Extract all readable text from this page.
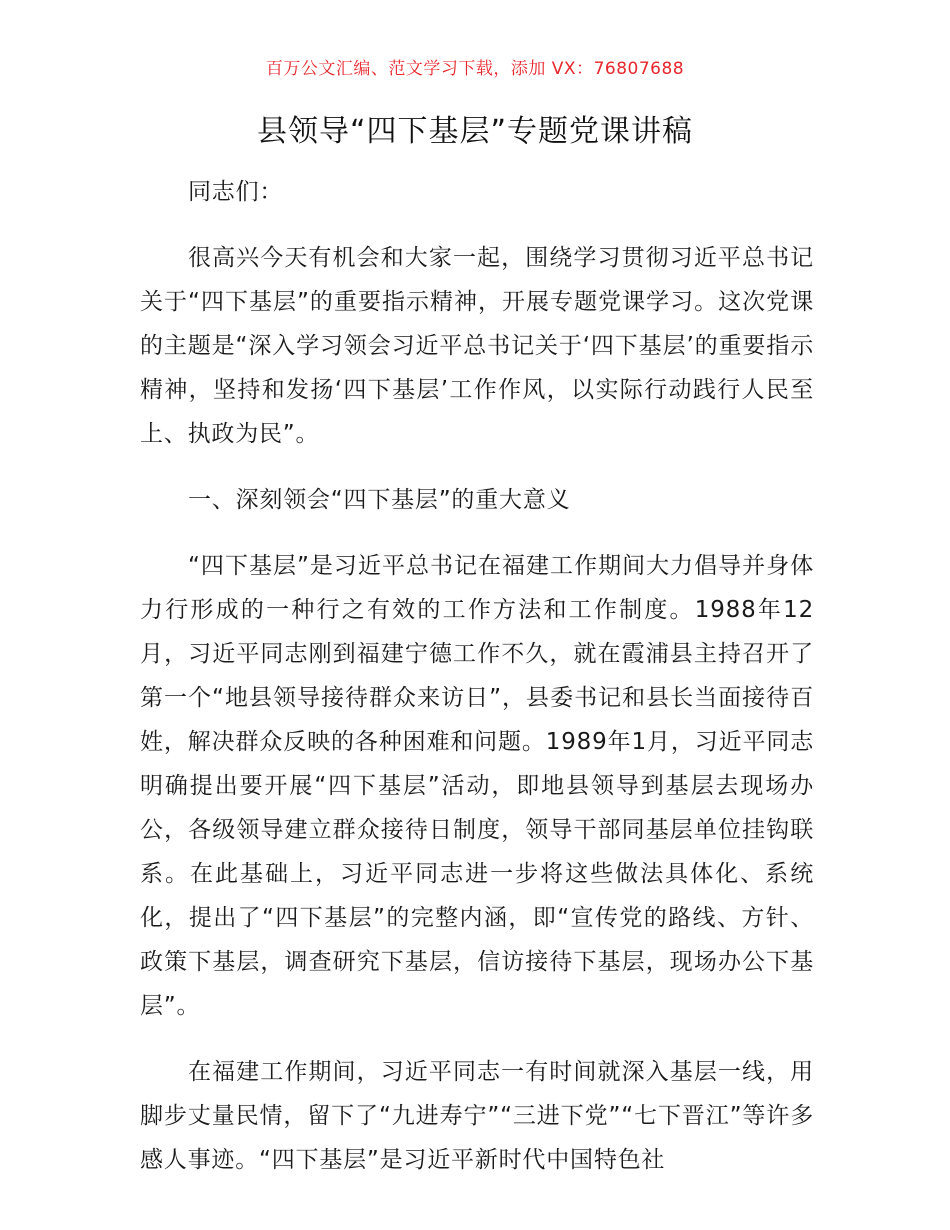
百万公文汇编、范文学习下载，添加 VX：76807688
县领导“四下基层”专题党课讲稿

同志们：

很高兴今天有机会和大家一起，围绕学习贯彻习近平总书记关于“四下基层”的重要指示精神，开展专题党课学习。这次党课的主题是“深入学习领会习近平总书记关于‘四下基层’的重要指示精神，坚持和发扬‘四下基层’工作作风，以实际行动践行人民至上、执政为民”。

一、深刻领会“四下基层”的重大意义

“四下基层”是习近平总书记在福建工作期间大力倡导并身体力行形成的一种行之有效的工作方法和工作制度。1988年12月，习近平同志刚到福建宁德工作不久，就在霞浦县主持召开了第一个“地县领导接待群众来访日”，县委书记和县长当面接待百姓，解决群众反映的各种困难和问题。1989年1月，习近平同志明确提出要开展“四下基层”活动，即地县领导到基层去现场办公，各级领导建立群众接待日制度，领导干部同基层单位挂钩联系。在此基础上，习近平同志进一步将这些做法具体化、系统化，提出了“四下基层”的完整内涵，即“宣传党的路线、方针、政策下基层，调查研究下基层，信访接待下基层，现场办公下基层”。

在福建工作期间，习近平同志一有时间就深入基层一线，用脚步丈量民情，留下了“九进寿宁”“三进下党”“七下晋江”等许多感人事迹。“四下基层”是习近平新时代中国特色社
